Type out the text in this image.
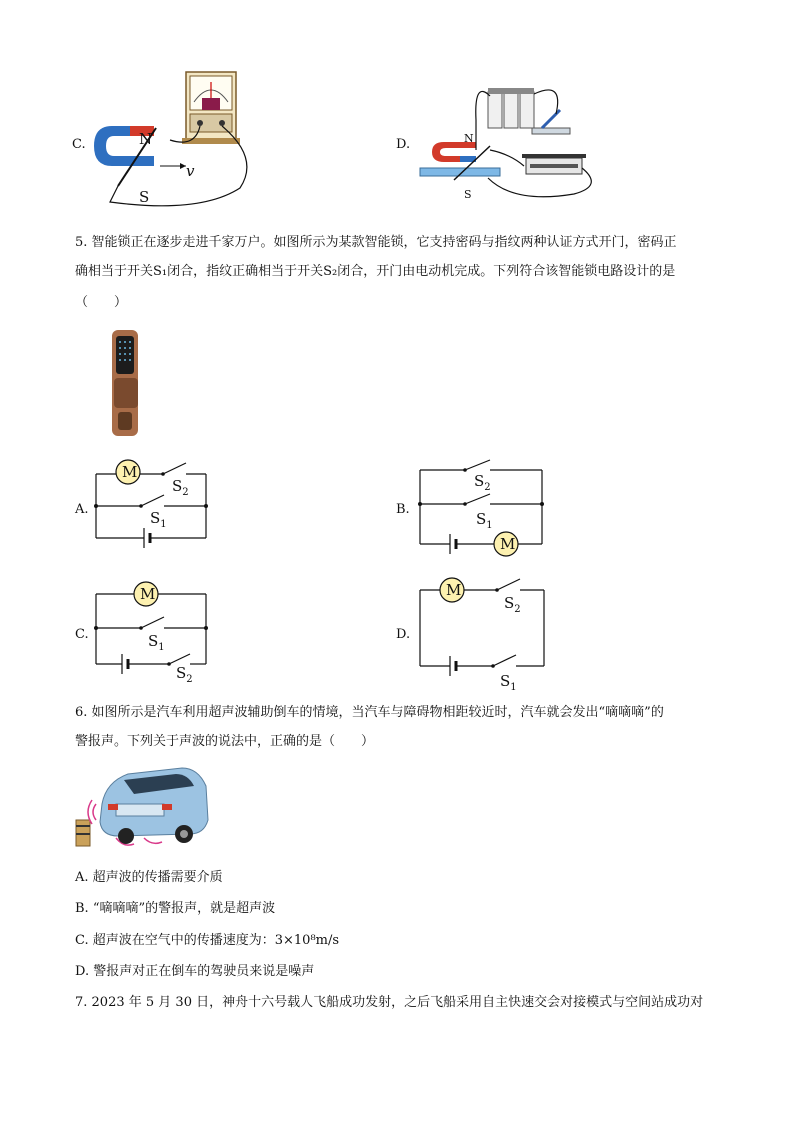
C.
v
N
S
D.	N
S
5. 智能锁正在逐步走进千家万户。如图所示为某款智能锁，它支持密码与指纹两种认证方式开门，密码正
确相当于开关S₁闭合，指纹正确相当于开关S₂闭合，开门由电动机完成。下列符合该智能锁电路设计的是
（　　）
A.
M
$S_2$
$S_1$
B.
$S_2$
$S_1$
M
C.
M
$S_1$
$S_2$
D.
M
$S_2$
$S_1$
6. 如图所示是汽车利用超声波辅助倒车的情境，当汽车与障碍物相距较近时，汽车就会发出“嘀嘀嘀”的
警报声。下列关于声波的说法中，正确的是（　　）
A. 超声波的传播需要介质
B. “嘀嘀嘀”的警报声，就是超声波
C. 超声波在空气中的传播速度为：3×10⁸m/s
D. 警报声对正在倒车的驾驶员来说是噪声
7. 2023 年 5 月 30 日，神舟十六号载人飞船成功发射，之后飞船采用自主快速交会对接模式与空间站成功对
